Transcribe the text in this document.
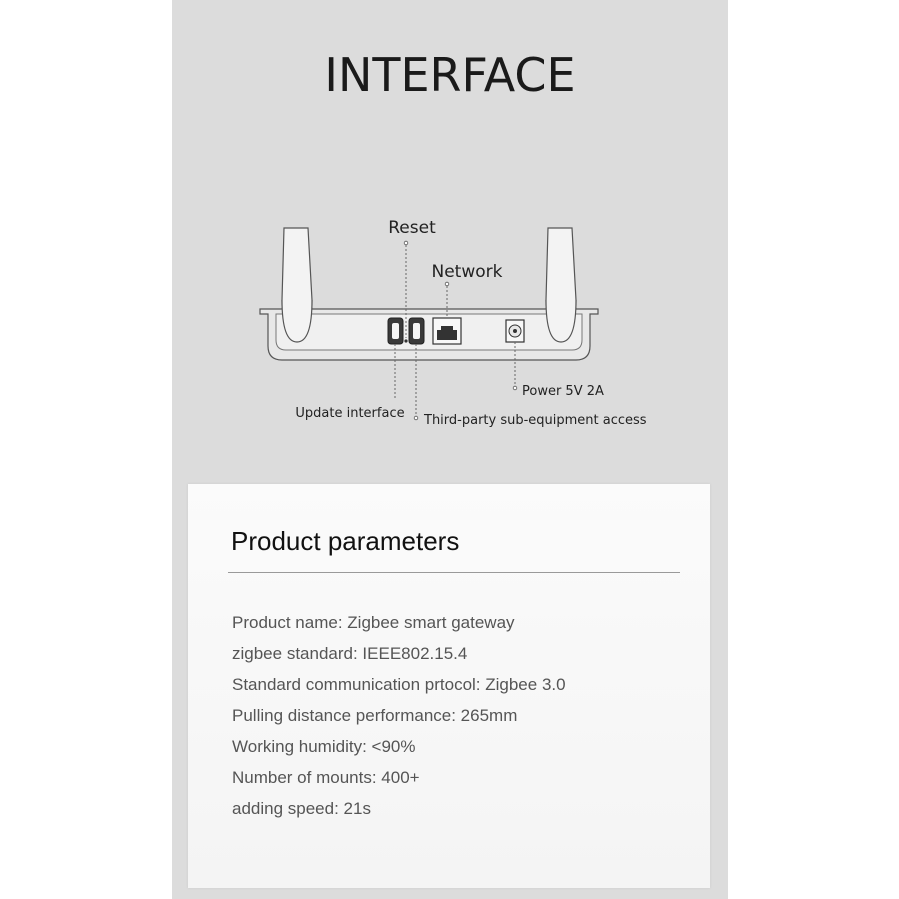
INTERFACE
Reset
Network
Power 5V 2A
Update interface Third-party sub-equipment access
Product parameters
Product name: Zigbee smart gateway
zigbee standard: IEEE802.15.4
Standard communication prtocol: Zigbee 3.0
Pulling distance performance: 265mm
Working humidity: <90%
Number of mounts: 400+
adding speed: 21s
